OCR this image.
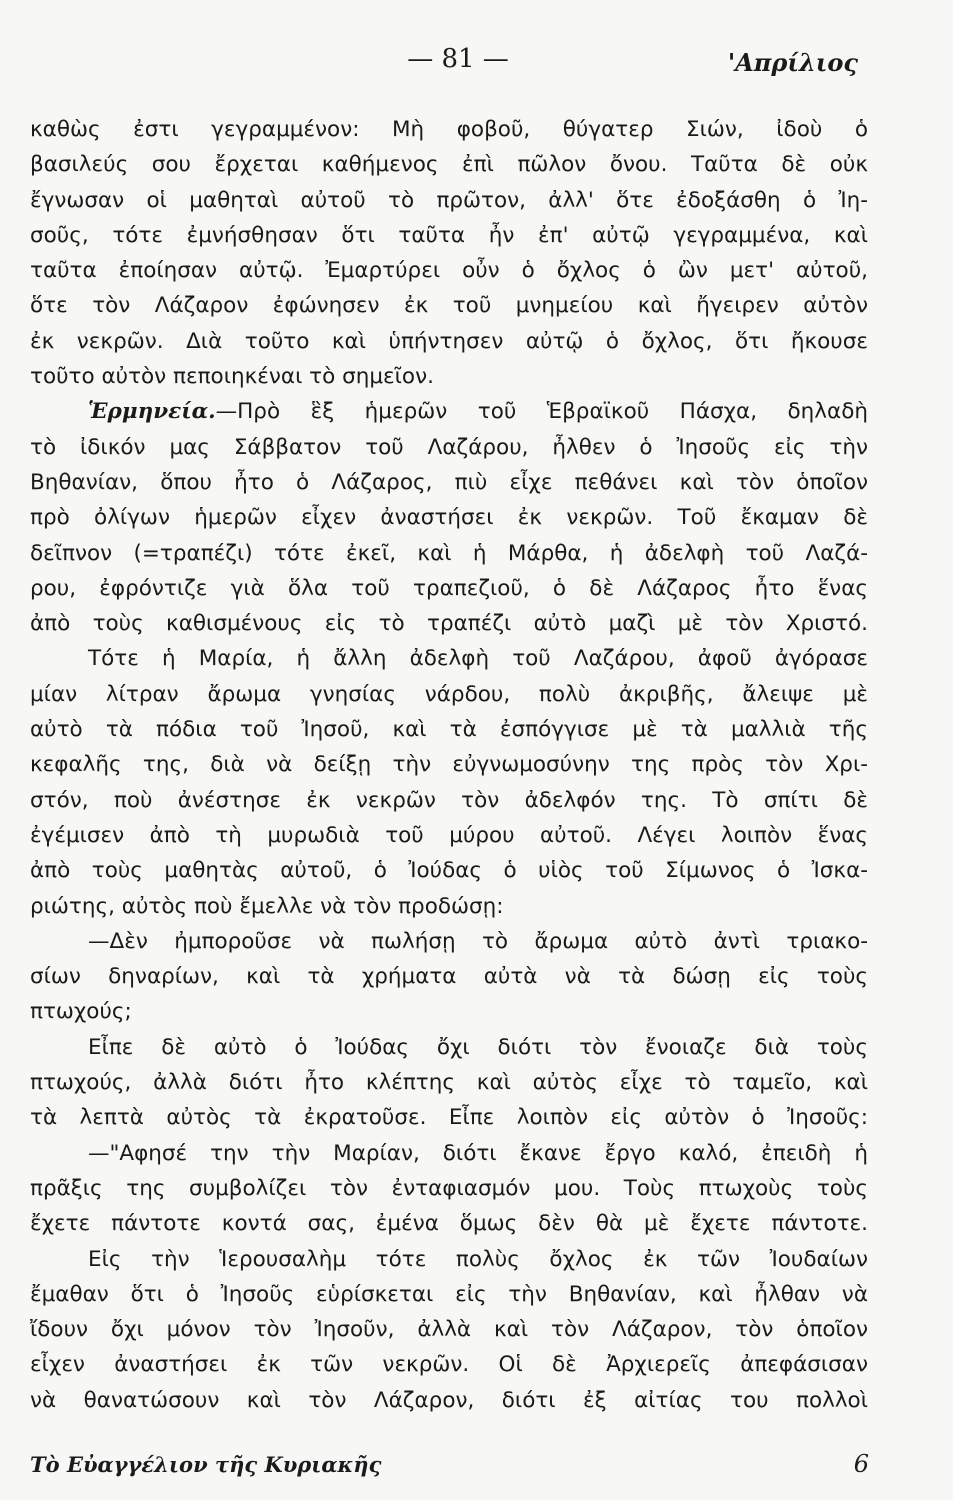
— 81 —	'Απρίλιος
καθὼς ἐστι γεγραμμένον: Μὴ φοβοῦ, θύγατερ Σιών, ἰδοὺ ὁ
βασιλεύς σου ἔρχεται καθήμενος ἐπὶ πῶλον ὄνου. Ταῦτα δὲ οὐκ
ἔγνωσαν οἱ μαθηταὶ αὐτοῦ τὸ πρῶτον, ἀλλ' ὅτε ἐδοξάσθη ὁ Ἰη-
σοῦς, τότε ἐμνήσθησαν ὅτι ταῦτα ἦν ἐπ' αὐτῷ γεγραμμένα, καὶ
ταῦτα ἐποίησαν αὐτῷ. Ἐμαρτύρει οὖν ὁ ὄχλος ὁ ὢν μετ' αὐτοῦ,
ὅτε τὸν Λάζαρον ἐφώνησεν ἐκ τοῦ μνημείου καὶ ἤγειρεν αὐτὸν
ἐκ νεκρῶν. Διὰ τοῦτο καὶ ὑπήντησεν αὐτῷ ὁ ὄχλος, ὅτι ἤκουσε
τοῦτο αὐτὸν πεποιηκέναι τὸ σημεῖον.
Ἑρμηνεία.—Πρὸ ἓξ ἡμερῶν τοῦ Ἑβραϊκοῦ Πάσχα, δηλαδὴ
τὸ ἰδικόν μας Σάββατον τοῦ Λαζάρου, ἦλθεν ὁ Ἰησοῦς εἰς τὴν
Βηθανίαν, ὅπου ἦτο ὁ Λάζαρος, πιὺ εἶχε πεθάνει καὶ τὸν ὁποῖον
πρὸ ὀλίγων ἡμερῶν εἶχεν ἀναστήσει ἐκ νεκρῶν. Τοῦ ἔκαμαν δὲ
δεῖπνον (=τραπέζι) τότε ἐκεῖ, καὶ ἡ Μάρθα, ἡ ἀδελφὴ τοῦ Λαζά-
ρου, ἐφρόντιζε γιὰ ὅλα τοῦ τραπεζιοῦ, ὁ δὲ Λάζαρος ἦτο ἕνας
ἀπὸ τοὺς καθισμένους εἰς τὸ τραπέζι αὐτὸ μαζὶ μὲ τὸν Χριστό.
Τότε ἡ Μαρία, ἡ ἄλλη ἀδελφὴ τοῦ Λαζάρου, ἀφοῦ ἀγόρασε
μίαν λίτραν ἄρωμα γνησίας νάρδου, πολὺ ἀκριβῆς, ἄλειψε μὲ
αὐτὸ τὰ πόδια τοῦ Ἰησοῦ, καὶ τὰ ἐσπόγγισε μὲ τὰ μαλλιὰ τῆς
κεφαλῆς της, διὰ νὰ δείξῃ τὴν εὐγνωμοσύνην της πρὸς τὸν Χρι-
στόν, ποὺ ἀνέστησε ἐκ νεκρῶν τὸν ἀδελφόν της. Τὸ σπίτι δὲ
ἐγέμισεν ἀπὸ τὴ μυρωδιὰ τοῦ μύρου αὐτοῦ. Λέγει λοιπὸν ἕνας
ἀπὸ τοὺς μαθητὰς αὐτοῦ, ὁ Ἰούδας ὁ υἱὸς τοῦ Σίμωνος ὁ Ἰσκα-
ριώτης, αὐτὸς ποὺ ἔμελλε νὰ τὸν προδώσῃ:
—Δὲν ἠμποροῦσε νὰ πωλήσῃ τὸ ἄρωμα αὐτὸ ἀντὶ τριακο-
σίων δηναρίων, καὶ τὰ χρήματα αὐτὰ νὰ τὰ δώσῃ εἰς τοὺς
πτωχούς;
Εἶπε δὲ αὐτὸ ὁ Ἰούδας ὄχι διότι τὸν ἔνοιαζε διὰ τοὺς
πτωχούς, ἀλλὰ διότι ἦτο κλέπτης καὶ αὐτὸς εἶχε τὸ ταμεῖο, καὶ
τὰ λεπτὰ αὐτὸς τὰ ἐκρατοῦσε. Εἶπε λοιπὸν εἰς αὐτὸν ὁ Ἰησοῦς:
—"Αφησέ την τὴν Μαρίαν, διότι ἔκανε ἔργο καλό, ἐπειδὴ ἡ
πρᾶξις της συμβολίζει τὸν ἐνταφιασμόν μου. Τοὺς πτωχοὺς τοὺς
ἔχετε πάντοτε κοντά σας, ἐμένα ὅμως δὲν θὰ μὲ ἔχετε πάντοτε.
Εἰς τὴν Ἱερουσαλὴμ τότε πολὺς ὄχλος ἐκ τῶν Ἰουδαίων
ἔμαθαν ὅτι ὁ Ἰησοῦς εὑρίσκεται εἰς τὴν Βηθανίαν, καὶ ἦλθαν νὰ
ἴδουν ὄχι μόνον τὸν Ἰησοῦν, ἀλλὰ καὶ τὸν Λάζαρον, τὸν ὁποῖον
εἶχεν ἀναστήσει ἐκ τῶν νεκρῶν. Οἱ δὲ Ἀρχιερεῖς ἀπεφάσισαν
νὰ θανατώσουν καὶ τὸν Λάζαρον, διότι ἐξ αἰτίας του πολλοὶ
Τὸ Εὐαγγέλιον τῆς Κυριακῆς	6
